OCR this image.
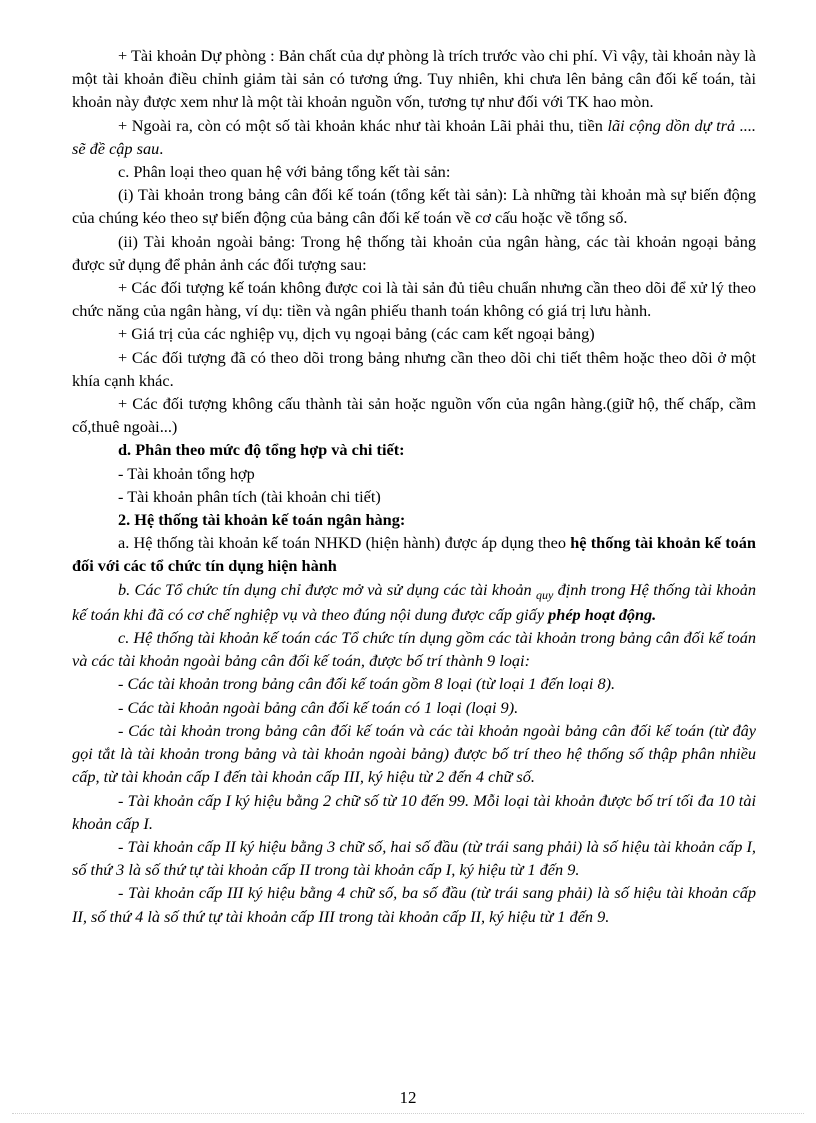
+ Tài khoản Dự phòng : Bản chất của dự phòng là trích trước vào chi phí. Vì vậy, tài khoản này là một tài khoản điều chỉnh giảm tài sản có tương ứng. Tuy nhiên, khi chưa lên bảng cân đối kế toán, tài khoản này được xem như là một tài khoản nguồn vốn, tương tự như đối với TK hao mòn.

+ Ngoài ra, còn có một số tài khoản khác như tài khoản Lãi phải thu, tiền lãi cộng dồn dự trả .... sẽ đề cập sau.

c. Phân loại theo quan hệ với bảng tổng kết tài sản:

(i) Tài khoản trong bảng cân đối kế toán (tổng kết tài sản): Là những tài khoản mà sự biến động của chúng kéo theo sự biến động của bảng cân đối kế toán về cơ cấu hoặc về tổng số.

(ii) Tài khoản ngoài bảng: Trong hệ thống tài khoản của ngân hàng, các tài khoản ngoại bảng được sử dụng để phản ảnh các đối tượng sau:

+ Các đối tượng kế toán không được coi là tài sản đủ tiêu chuẩn nhưng cần theo dõi để xử lý theo chức năng của ngân hàng, ví dụ: tiền và ngân phiếu thanh toán không có giá trị lưu hành.

+ Giá trị của các nghiệp vụ, dịch vụ ngoại bảng (các cam kết ngoại bảng)

+ Các đối tượng đã có theo dõi trong bảng nhưng cần theo dõi chi tiết thêm hoặc theo dõi ở một khía cạnh khác.

+ Các đối tượng không cấu thành tài sản hoặc nguồn vốn của ngân hàng.(giữ hộ, thế chấp, cầm cố,thuê ngoài...)

d. Phân theo mức độ tổng hợp và chi tiết:

- Tài khoản tổng hợp

- Tài khoản phân tích (tài khoản chi tiết)

2. Hệ thống tài khoản kế toán ngân hàng:

a. Hệ thống tài khoản kế toán NHKD (hiện hành) được áp dụng theo hệ thống tài khoản kế toán đối với các tổ chức tín dụng hiện hành

b. Các Tổ chức tín dụng chỉ được mở và sử dụng các tài khoản $_{quy}$ định trong Hệ thống tài khoản kế toán khi đã có cơ chế nghiệp vụ và theo đúng nội dung được cấp giấy phép hoạt động.

c. Hệ thống tài khoản kế toán các Tổ chức tín dụng gồm các tài khoản trong bảng cân đối kế toán và các tài khoản ngoài bảng cân đối kế toán, được bố trí thành 9 loại:

- Các tài khoản trong bảng cân đối kế toán gồm 8 loại (từ loại 1 đến loại 8).

- Các tài khoản ngoài bảng cân đối kế toán có 1 loại (loại 9).

- Các tài khoản trong bảng cân đối kế toán và các tài khoản ngoài bảng cân đối kế toán (từ đây gọi tắt là tài khoản trong bảng và tài khoản ngoài bảng) được bố trí theo hệ thống số thập phân nhiều cấp, từ tài khoản cấp I đến tài khoản cấp III, ký hiệu từ 2 đến 4 chữ số.

- Tài khoản cấp I ký hiệu bằng 2 chữ số từ 10 đến 99. Mỗi loại tài khoản được bố trí tối đa 10 tài khoản cấp I.

- Tài khoản cấp II ký hiệu bằng 3 chữ số, hai số đầu (từ trái sang phải) là số hiệu tài khoản cấp I, số thứ 3 là số thứ tự tài khoản cấp II trong tài khoản cấp I, ký hiệu từ 1 đến 9.

- Tài khoản cấp III ký hiệu bằng 4 chữ số, ba số đầu (từ trái sang phải) là số hiệu tài khoản cấp II, số thứ 4 là số thứ tự tài khoản cấp III trong tài khoản cấp II, ký hiệu từ 1 đến 9.

12
